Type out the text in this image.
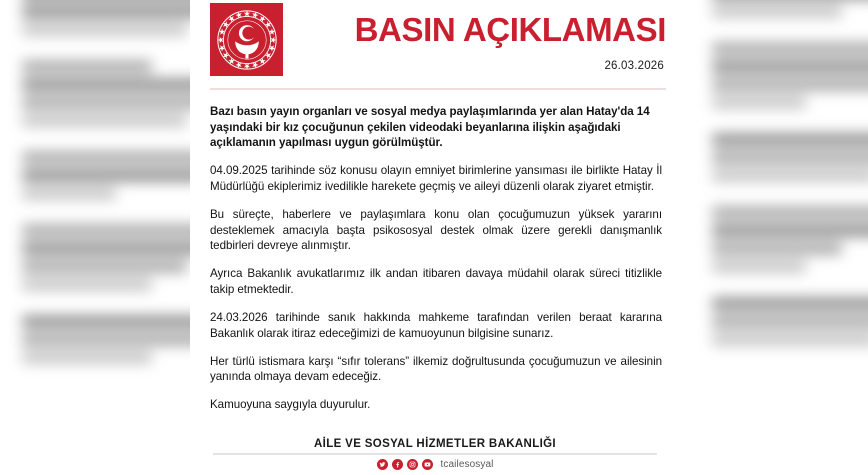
BASIN AÇIKLAMASI
26.03.2026

Bazı basın yayın organları ve sosyal medya paylaşımlarında yer alan Hatay'da 14 yaşındaki bir kız çocuğunun çekilen videodaki beyanlarına ilişkin aşağıdaki açıklamanın yapılması uygun görülmüştür.

04.09.2025 tarihinde söz konusu olayın emniyet birimlerine yansıması ile birlikte Hatay İl Müdürlüğü ekiplerimiz ivedilikle harekete geçmiş ve aileyi düzenli olarak ziyaret etmiştir.

Bu süreçte, haberlere ve paylaşımlara konu olan çocuğumuzun yüksek yararını desteklemek amacıyla başta psikososyal destek olmak üzere gerekli danışmanlık tedbirleri devreye alınmıştır.

Ayrıca Bakanlık avukatlarımız ilk andan itibaren davaya müdahil olarak süreci titizlikle takip etmektedir.

24.03.2026 tarihinde sanık hakkında mahkeme tarafından verilen beraat kararına Bakanlık olarak itiraz edeceğimizi de kamuoyunun bilgisine sunarız.

Her türlü istismara karşı “sıfır tolerans” ilkemiz doğrultusunda çocuğumuzun ve ailesinin yanında olmaya devam edeceğiz.

Kamuoyuna saygıyla duyurulur.

AİLE VE SOSYAL HİZMETLER BAKANLIĞI
tcailesosyal
